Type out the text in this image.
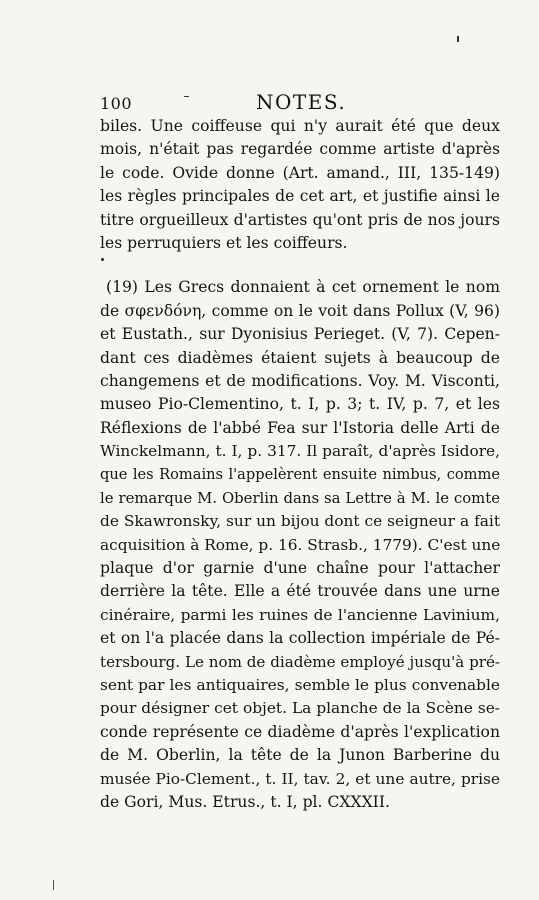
100	NOTES.

biles. Une coiffeuse qui n'y aurait été que deux
mois, n'était pas regardée comme artiste d'après
le code. Ovide donne (Art. amand., III, 135-149)
les règles principales de cet art, et justifie ainsi le
titre orgueilleux d'artistes qu'ont pris de nos jours
les perruquiers et les coiffeurs.

(19) Les Grecs donnaient à cet ornement le nom
de σφενδόνη, comme on le voit dans Pollux (V, 96)
et Eustath., sur Dyonisius Perieget. (V, 7). Cepen-
dant ces diadèmes étaient sujets à beaucoup de
changemens et de modifications. Voy. M. Visconti,
museo Pio-Clementino, t. I, p. 3; t. IV, p. 7, et les
Réflexions de l'abbé Fea sur l'Istoria delle Arti de
Winckelmann, t. I, p. 317. Il paraît, d'après Isidore,
que les Romains l'appelèrent ensuite nimbus, comme
le remarque M. Oberlin dans sa Lettre à M. le comte
de Skawronsky, sur un bijou dont ce seigneur a fait
acquisition à Rome, p. 16. Strasb., 1779). C'est une
plaque d'or garnie d'une chaîne pour l'attacher
derrière la tête. Elle a été trouvée dans une urne
cinéraire, parmi les ruines de l'ancienne Lavinium,
et on l'a placée dans la collection impériale de Pé-
tersbourg. Le nom de diadème employé jusqu'à pré-
sent par les antiquaires, semble le plus convenable
pour désigner cet objet. La planche de la Scène se-
conde représente ce diadème d'après l'explication
de M. Oberlin, la tête de la Junon Barberine du
musée Pio-Clement., t. II, tav. 2, et une autre, prise
de Gori, Mus. Etrus., t. I, pl. CXXXII.
